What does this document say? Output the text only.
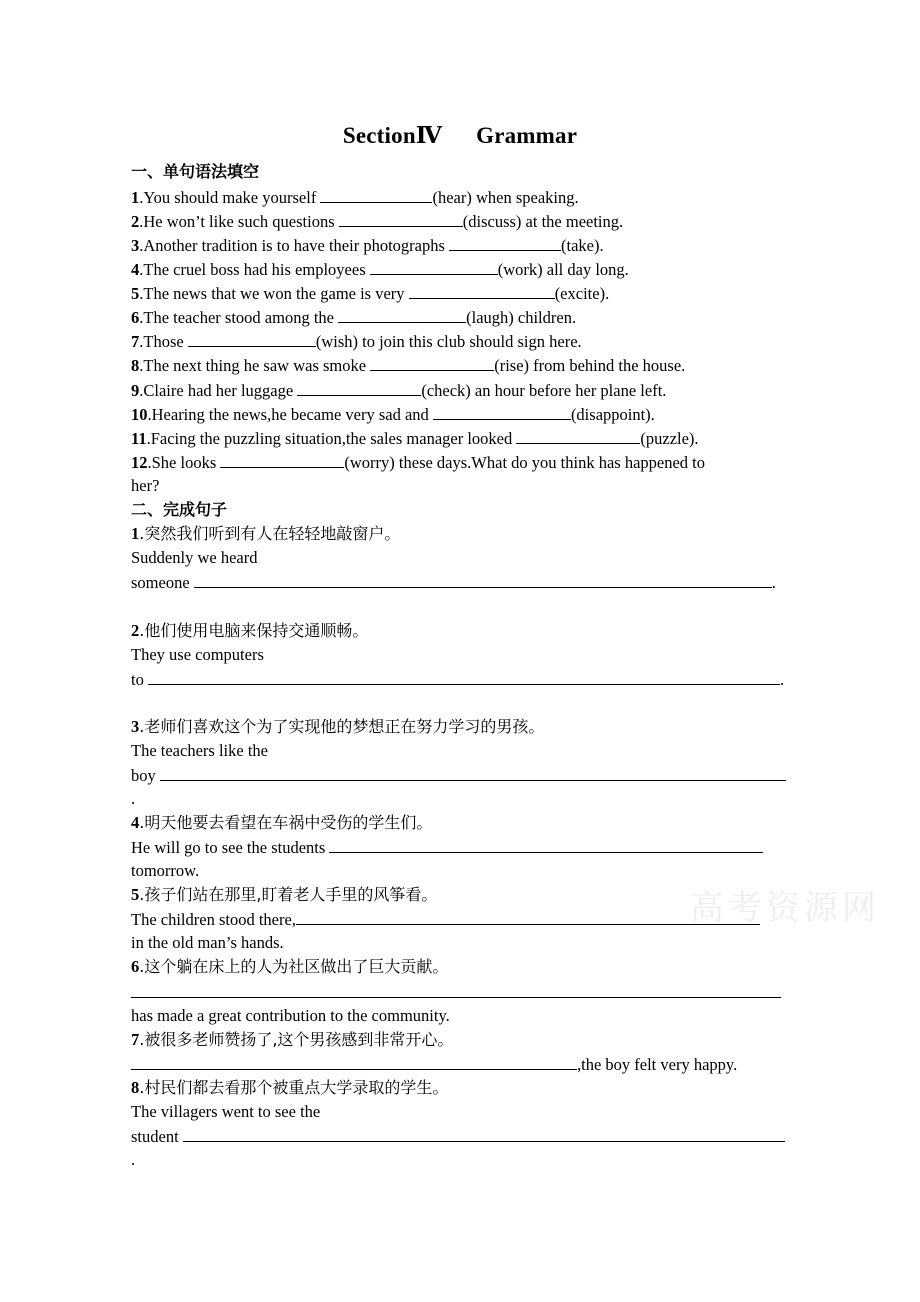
SectionⅣ Grammar
一、单句语法填空
1.You should make yourself	(hear) when speaking.
2.He won’t like such questions	(discuss) at the meeting.
3.Another tradition is to have their photographs	(take).
4.The cruel boss had his employees	(work) all day long.
5.The news that we won the game is very	(excite).
6.The teacher stood among the	(laugh) children.
7.Those	(wish) to join this club should sign here.
8.The next thing he saw was smoke	(rise) from behind the house.
9.Claire had her luggage	(check) an hour before her plane left.
10.Hearing the news,he became very sad and	(disappoint).
11.Facing the puzzling situation,the sales manager looked	(puzzle).
12.She looks	(worry) these days.What do you think has happened to
her?
二、完成句子
1.突然我们听到有人在轻轻地敲窗户。
Suddenly we heard
someone	.
2.他们使用电脑来保持交通顺畅。
They use computers
to	.
3.老师们喜欢这个为了实现他的梦想正在努力学习的男孩。
The teachers like the
boy
.
4.明天他要去看望在车祸中受伤的学生们。
He will go to see the students
tomorrow.
5.孩子们站在那里,盯着老人手里的风筝看。
The children stood there,
in the old man’s hands.
6.这个躺在床上的人为社区做出了巨大贡献。
has made a great contribution to the community.
7.被很多老师赞扬了,这个男孩感到非常开心。
,the boy felt very happy.
8.村民们都去看那个被重点大学录取的学生。
The villagers went to see the
student
.
高考资源网
